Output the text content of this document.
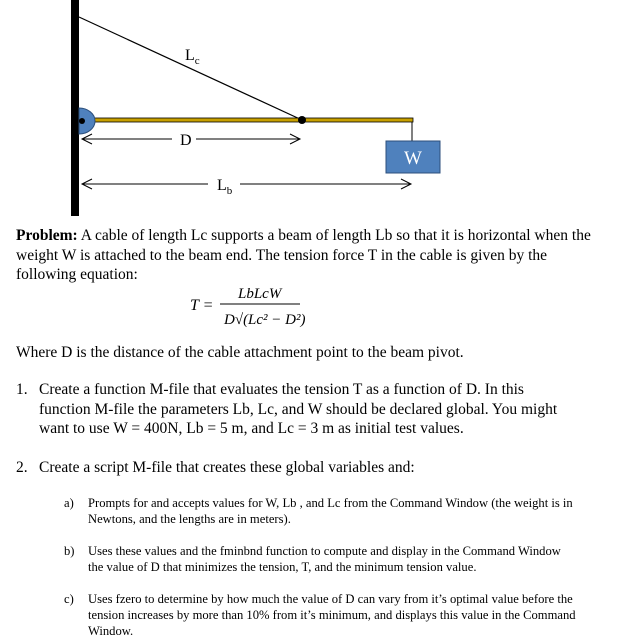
W
$L_c$
D
$L_b$
Problem: A cable of length Lc supports a beam of length Lb so that it is horizontal when the weight W is attached to the beam end. The tension force T in the cable is given by the following equation:
T =
LbLcW
D√(Lc² − D²)
Where D is the distance of the cable attachment point to the beam pivot.
1. Create a function M-file that evaluates the tension T as a function of D. In this function M-file the parameters Lb, Lc, and W should be declared global. You might want to use W = 400N, Lb = 5 m, and Lc = 3 m as initial test values.
2. Create a script M-file that creates these global variables and:
a) Prompts for and accepts values for W, Lb , and Lc from the Command Window (the weight is in Newtons, and the lengths are in meters).
b) Uses these values and the fminbnd function to compute and display in the Command Window the value of D that minimizes the tension, T, and the minimum tension value.
c) Uses fzero to determine by how much the value of D can vary from it’s optimal value before the tension increases by more than 10% from it’s minimum, and displays this value in the Command Window.
